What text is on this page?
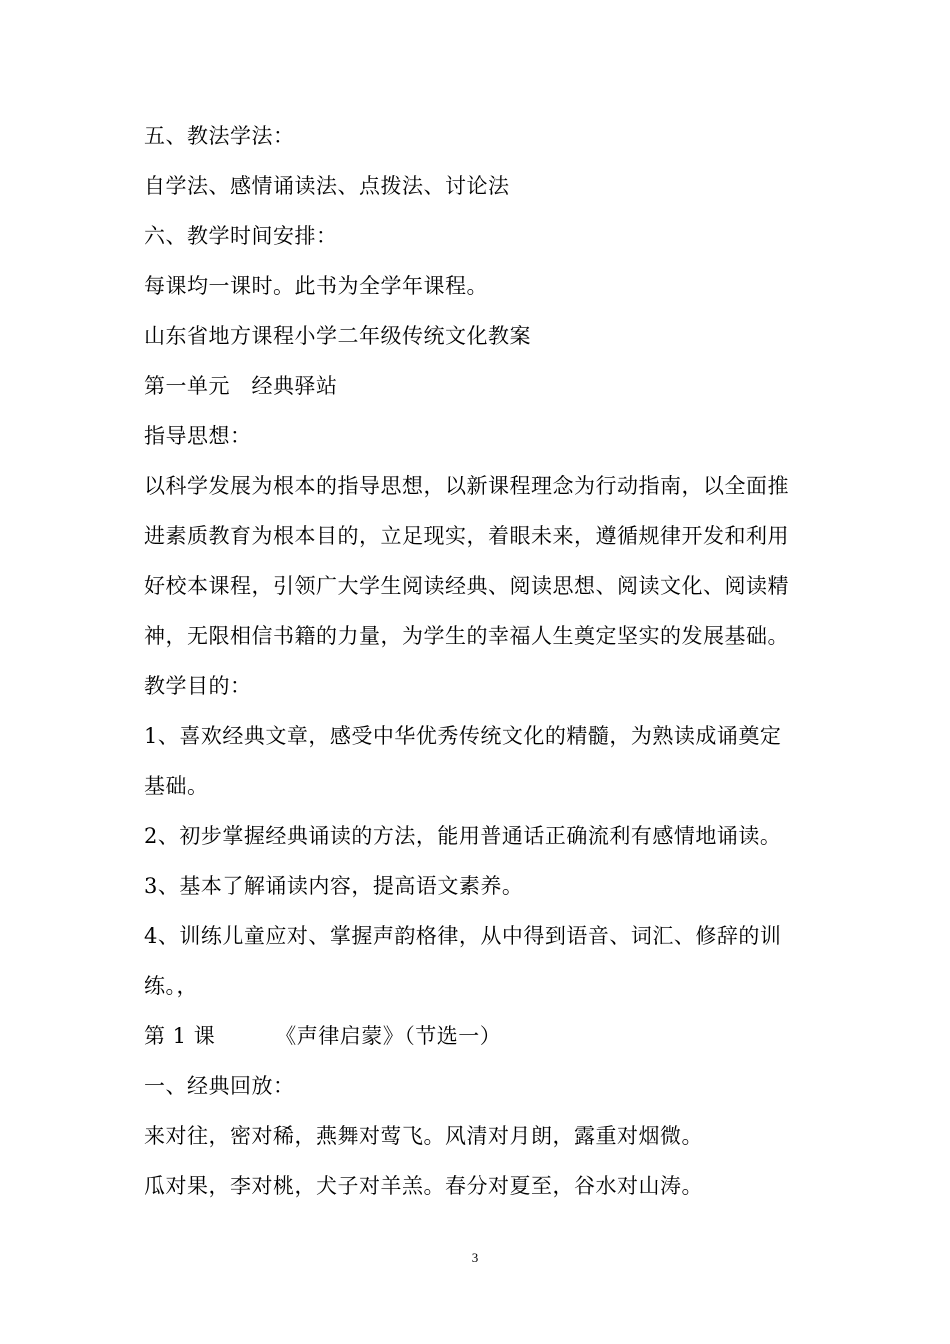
五、教法学法：
自学法、感情诵读法、点拨法、讨论法
六、教学时间安排：
每课均一课时。此书为全学年课程。
山东省地方课程小学二年级传统文化教案
第一单元　经典驿站
指导思想：
以科学发展为根本的指导思想，以新课程理念为行动指南，以全面推
进素质教育为根本目的，立足现实，着眼未来，遵循规律开发和利用
好校本课程，引领广大学生阅读经典、阅读思想、阅读文化、阅读精
神，无限相信书籍的力量，为学生的幸福人生奠定坚实的发展基础。
教学目的：
1、喜欢经典文章，感受中华优秀传统文化的精髓，为熟读成诵奠定
基础。
2、初步掌握经典诵读的方法，能用普通话正确流利有感情地诵读。
3、基本了解诵读内容，提高语文素养。
4、训练儿童应对、掌握声韵格律，从中得到语音、词汇、修辞的训
练。，
第 1 课	《声律启蒙》（节选一）
一、经典回放：
来对往，密对稀，燕舞对莺飞。风清对月朗，露重对烟微。
瓜对果，李对桃，犬子对羊羔。春分对夏至，谷水对山涛。
3
